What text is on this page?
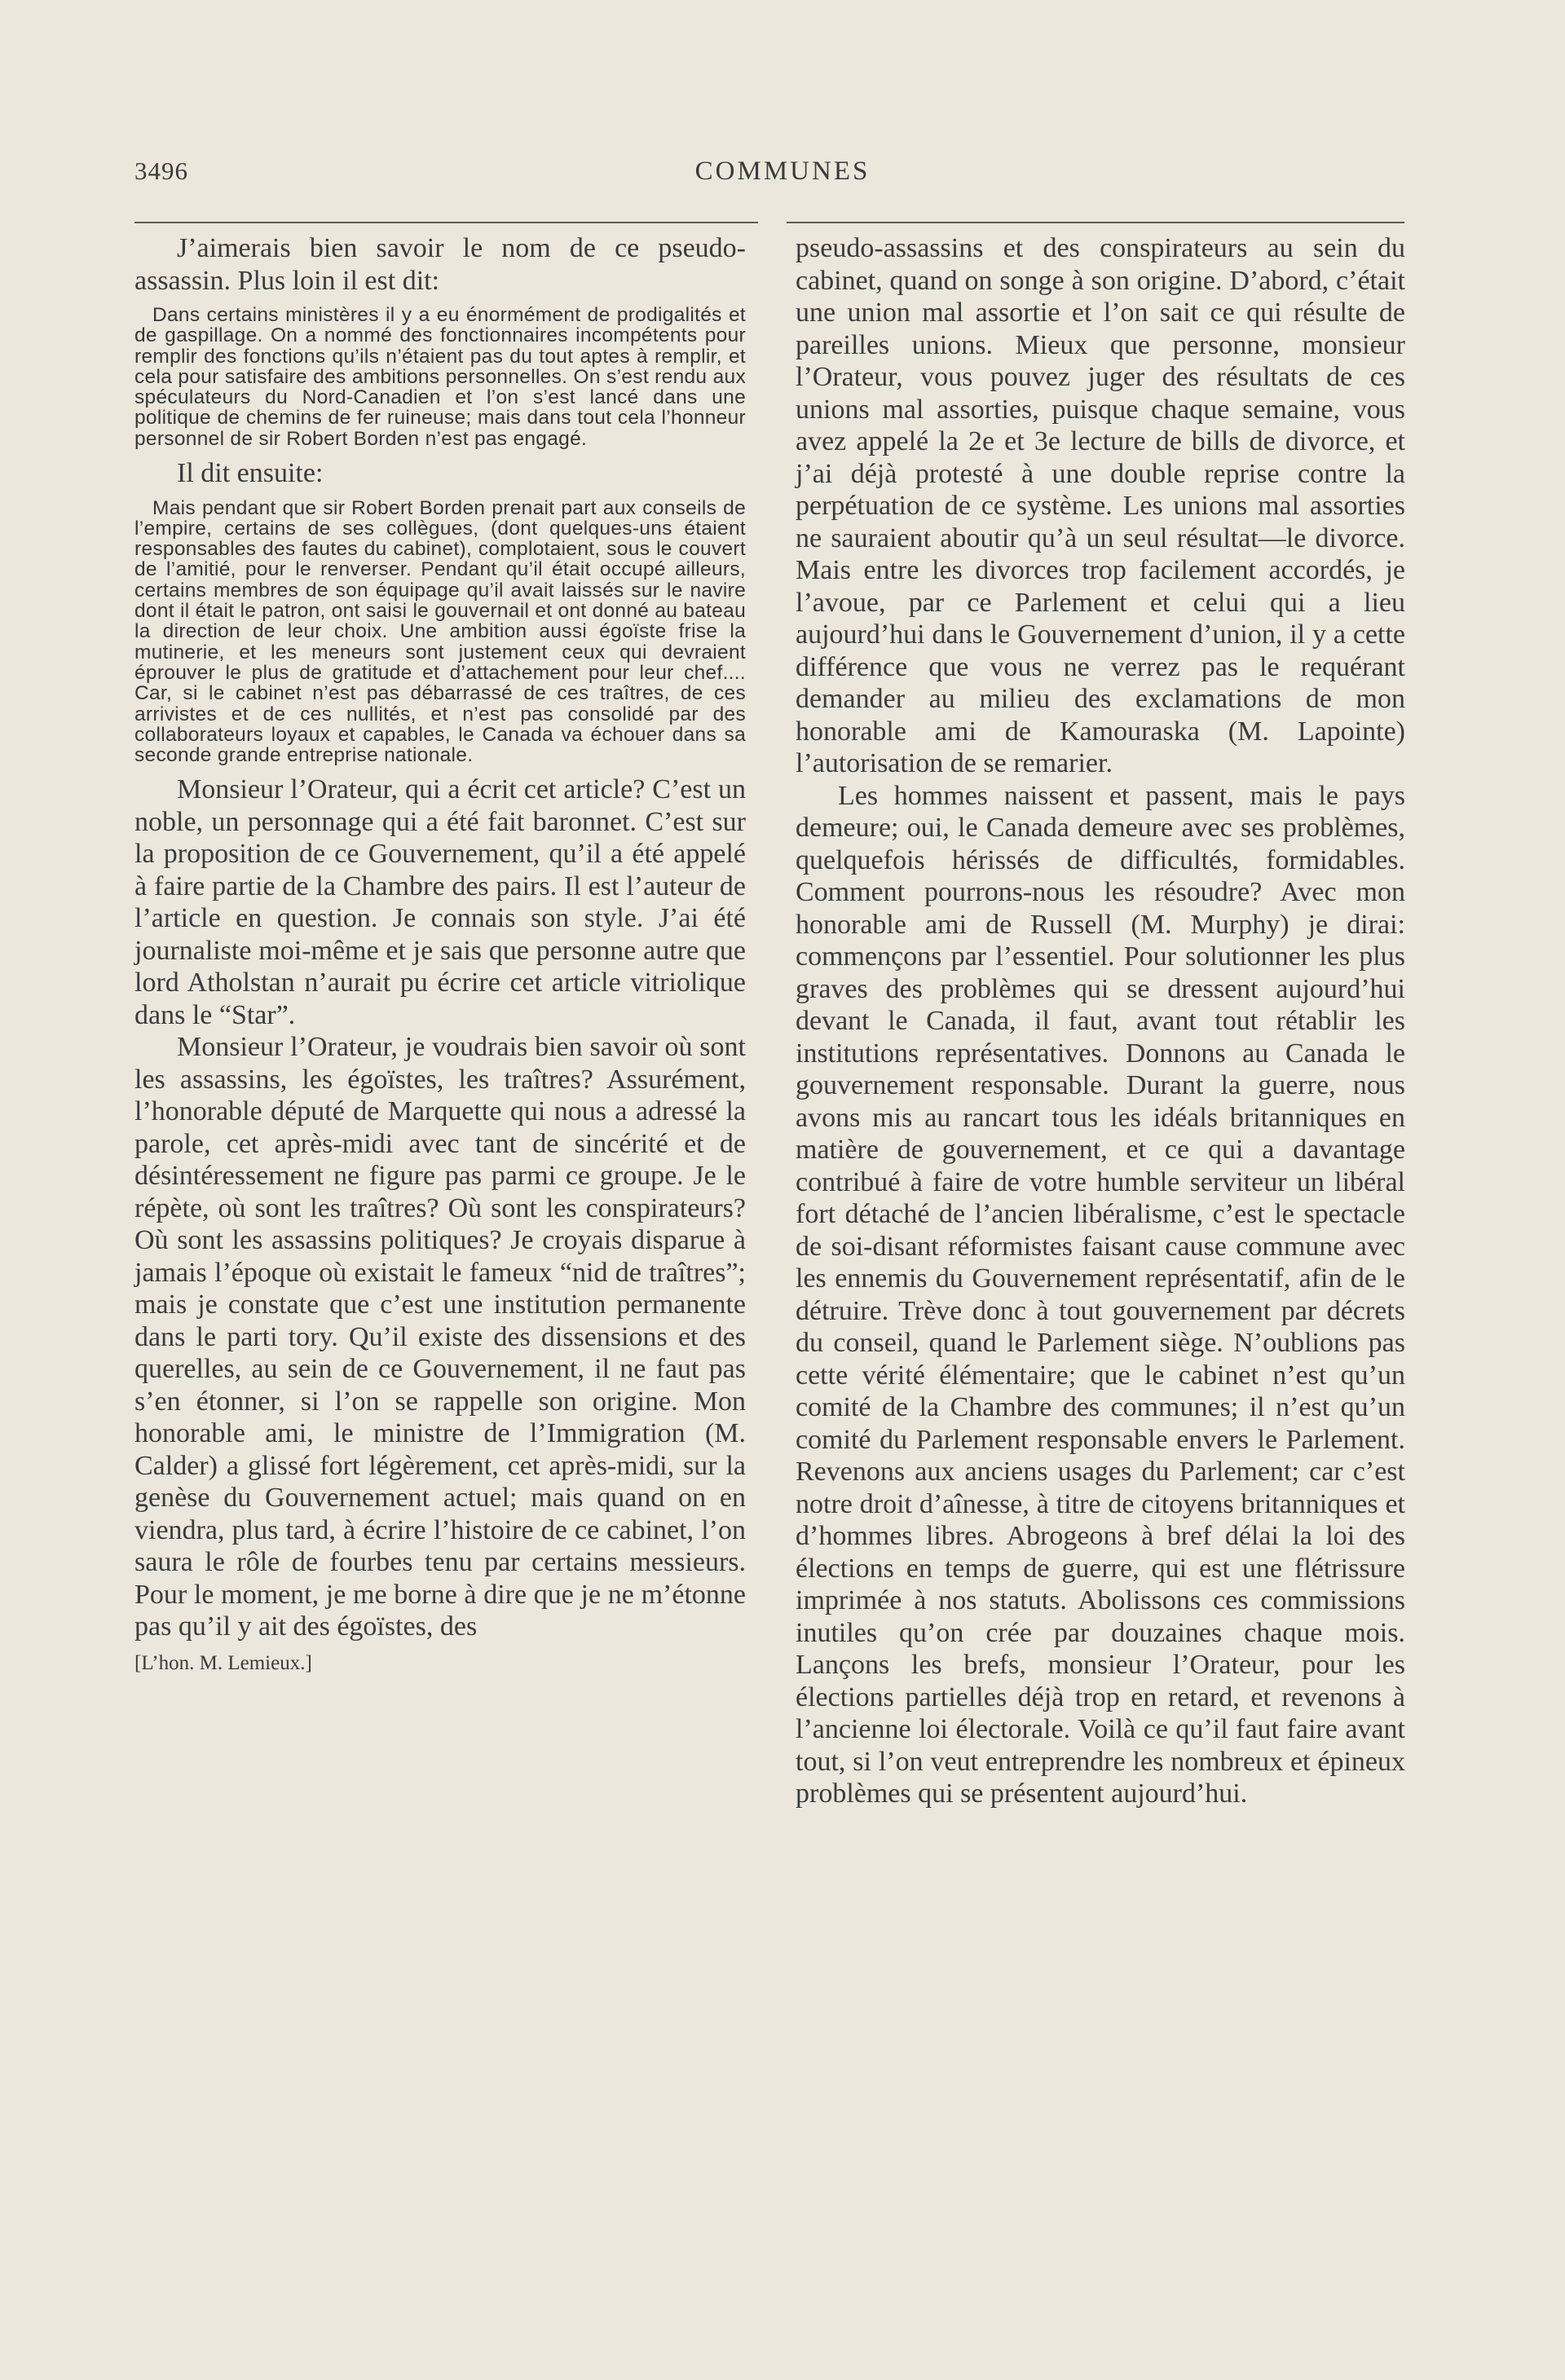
3496	COMMUNES

J’aimerais bien savoir le nom de ce pseudo-assassin. Plus loin il est dit:

Dans certains ministères il y a eu énormément de prodigalités et de gaspillage. On a nommé des fonctionnaires incompétents pour remplir des fonctions qu’ils n’étaient pas du tout aptes à remplir, et cela pour satisfaire des ambitions personnelles. On s’est rendu aux spéculateurs du Nord-Canadien et l’on s’est lancé dans une politique de chemins de fer ruineuse; mais dans tout cela l’honneur personnel de sir Robert Borden n’est pas engagé.

Il dit ensuite:

Mais pendant que sir Robert Borden prenait part aux conseils de l’empire, certains de ses collègues, (dont quelques-uns étaient responsables des fautes du cabinet), complotaient, sous le couvert de l’amitié, pour le renverser. Pendant qu’il était occupé ailleurs, certains membres de son équipage qu’il avait laissés sur le navire dont il était le patron, ont saisi le gouvernail et ont donné au bateau la direction de leur choix. Une ambition aussi égoïste frise la mutinerie, et les meneurs sont justement ceux qui devraient éprouver le plus de gratitude et d’attachement pour leur chef.... Car, si le cabinet n’est pas débarrassé de ces traîtres, de ces arrivistes et de ces nullités, et n’est pas consolidé par des collaborateurs loyaux et capables, le Canada va échouer dans sa seconde grande entreprise nationale.

Monsieur l’Orateur, qui a écrit cet article? C’est un noble, un personnage qui a été fait baronnet. C’est sur la proposition de ce Gouvernement, qu’il a été appelé à faire partie de la Chambre des pairs. Il est l’auteur de l’article en question. Je connais son style. J’ai été journaliste moi-même et je sais que personne autre que lord Atholstan n’aurait pu écrire cet article vitriolique dans le “Star”.

Monsieur l’Orateur, je voudrais bien savoir où sont les assassins, les égoïstes, les traîtres? Assurément, l’honorable député de Marquette qui nous a adressé la parole, cet après-midi avec tant de sincérité et de désintéressement ne figure pas parmi ce groupe. Je le répète, où sont les traîtres? Où sont les conspirateurs? Où sont les assassins politiques? Je croyais disparue à jamais l’époque où existait le fameux “nid de traîtres”; mais je constate que c’est une institution permanente dans le parti tory. Qu’il existe des dissensions et des querelles, au sein de ce Gouvernement, il ne faut pas s’en étonner, si l’on se rappelle son origine. Mon honorable ami, le ministre de l’Immigration (M. Calder) a glissé fort légèrement, cet après-midi, sur la genèse du Gouvernement actuel; mais quand on en viendra, plus tard, à écrire l’histoire de ce cabinet, l’on saura le rôle de fourbes tenu par certains messieurs. Pour le moment, je me borne à dire que je ne m’étonne pas qu’il y ait des égoïstes, des

[L’hon. M. Lemieux.]

pseudo-assassins et des conspirateurs au sein du cabinet, quand on songe à son origine. D’abord, c’était une union mal assortie et l’on sait ce qui résulte de pareilles unions. Mieux que personne, monsieur l’Orateur, vous pouvez juger des résultats de ces unions mal assorties, puisque chaque semaine, vous avez appelé la 2e et 3e lecture de bills de divorce, et j’ai déjà protesté à une double reprise contre la perpétuation de ce système. Les unions mal assorties ne sauraient aboutir qu’à un seul résultat—le divorce. Mais entre les divorces trop facilement accordés, je l’avoue, par ce Parlement et celui qui a lieu aujourd’hui dans le Gouvernement d’union, il y a cette différence que vous ne verrez pas le requérant demander au milieu des exclamations de mon honorable ami de Kamouraska (M. Lapointe) l’autorisation de se remarier.

Les hommes naissent et passent, mais le pays demeure; oui, le Canada demeure avec ses problèmes, quelquefois hérissés de difficultés, formidables. Comment pourrons-nous les résoudre? Avec mon honorable ami de Russell (M. Murphy) je dirai: commençons par l’essentiel. Pour solutionner les plus graves des problèmes qui se dressent aujourd’hui devant le Canada, il faut, avant tout rétablir les institutions représentatives. Donnons au Canada le gouvernement responsable. Durant la guerre, nous avons mis au rancart tous les idéals britanniques en matière de gouvernement, et ce qui a davantage contribué à faire de votre humble serviteur un libéral fort détaché de l’ancien libéralisme, c’est le spectacle de soi-disant réformistes faisant cause commune avec les ennemis du Gouvernement représentatif, afin de le détruire. Trève donc à tout gouvernement par décrets du conseil, quand le Parlement siège. N’oublions pas cette vérité élémentaire; que le cabinet n’est qu’un comité de la Chambre des communes; il n’est qu’un comité du Parlement responsable envers le Parlement. Revenons aux anciens usages du Parlement; car c’est notre droit d’aînesse, à titre de citoyens britanniques et d’hommes libres. Abrogeons à bref délai la loi des élections en temps de guerre, qui est une flétrissure imprimée à nos statuts. Abolissons ces commissions inutiles qu’on crée par douzaines chaque mois. Lançons les brefs, monsieur l’Orateur, pour les élections partielles déjà trop en retard, et revenons à l’ancienne loi électorale. Voilà ce qu’il faut faire avant tout, si l’on veut entreprendre les nombreux et épineux problèmes qui se présentent aujourd’hui.
